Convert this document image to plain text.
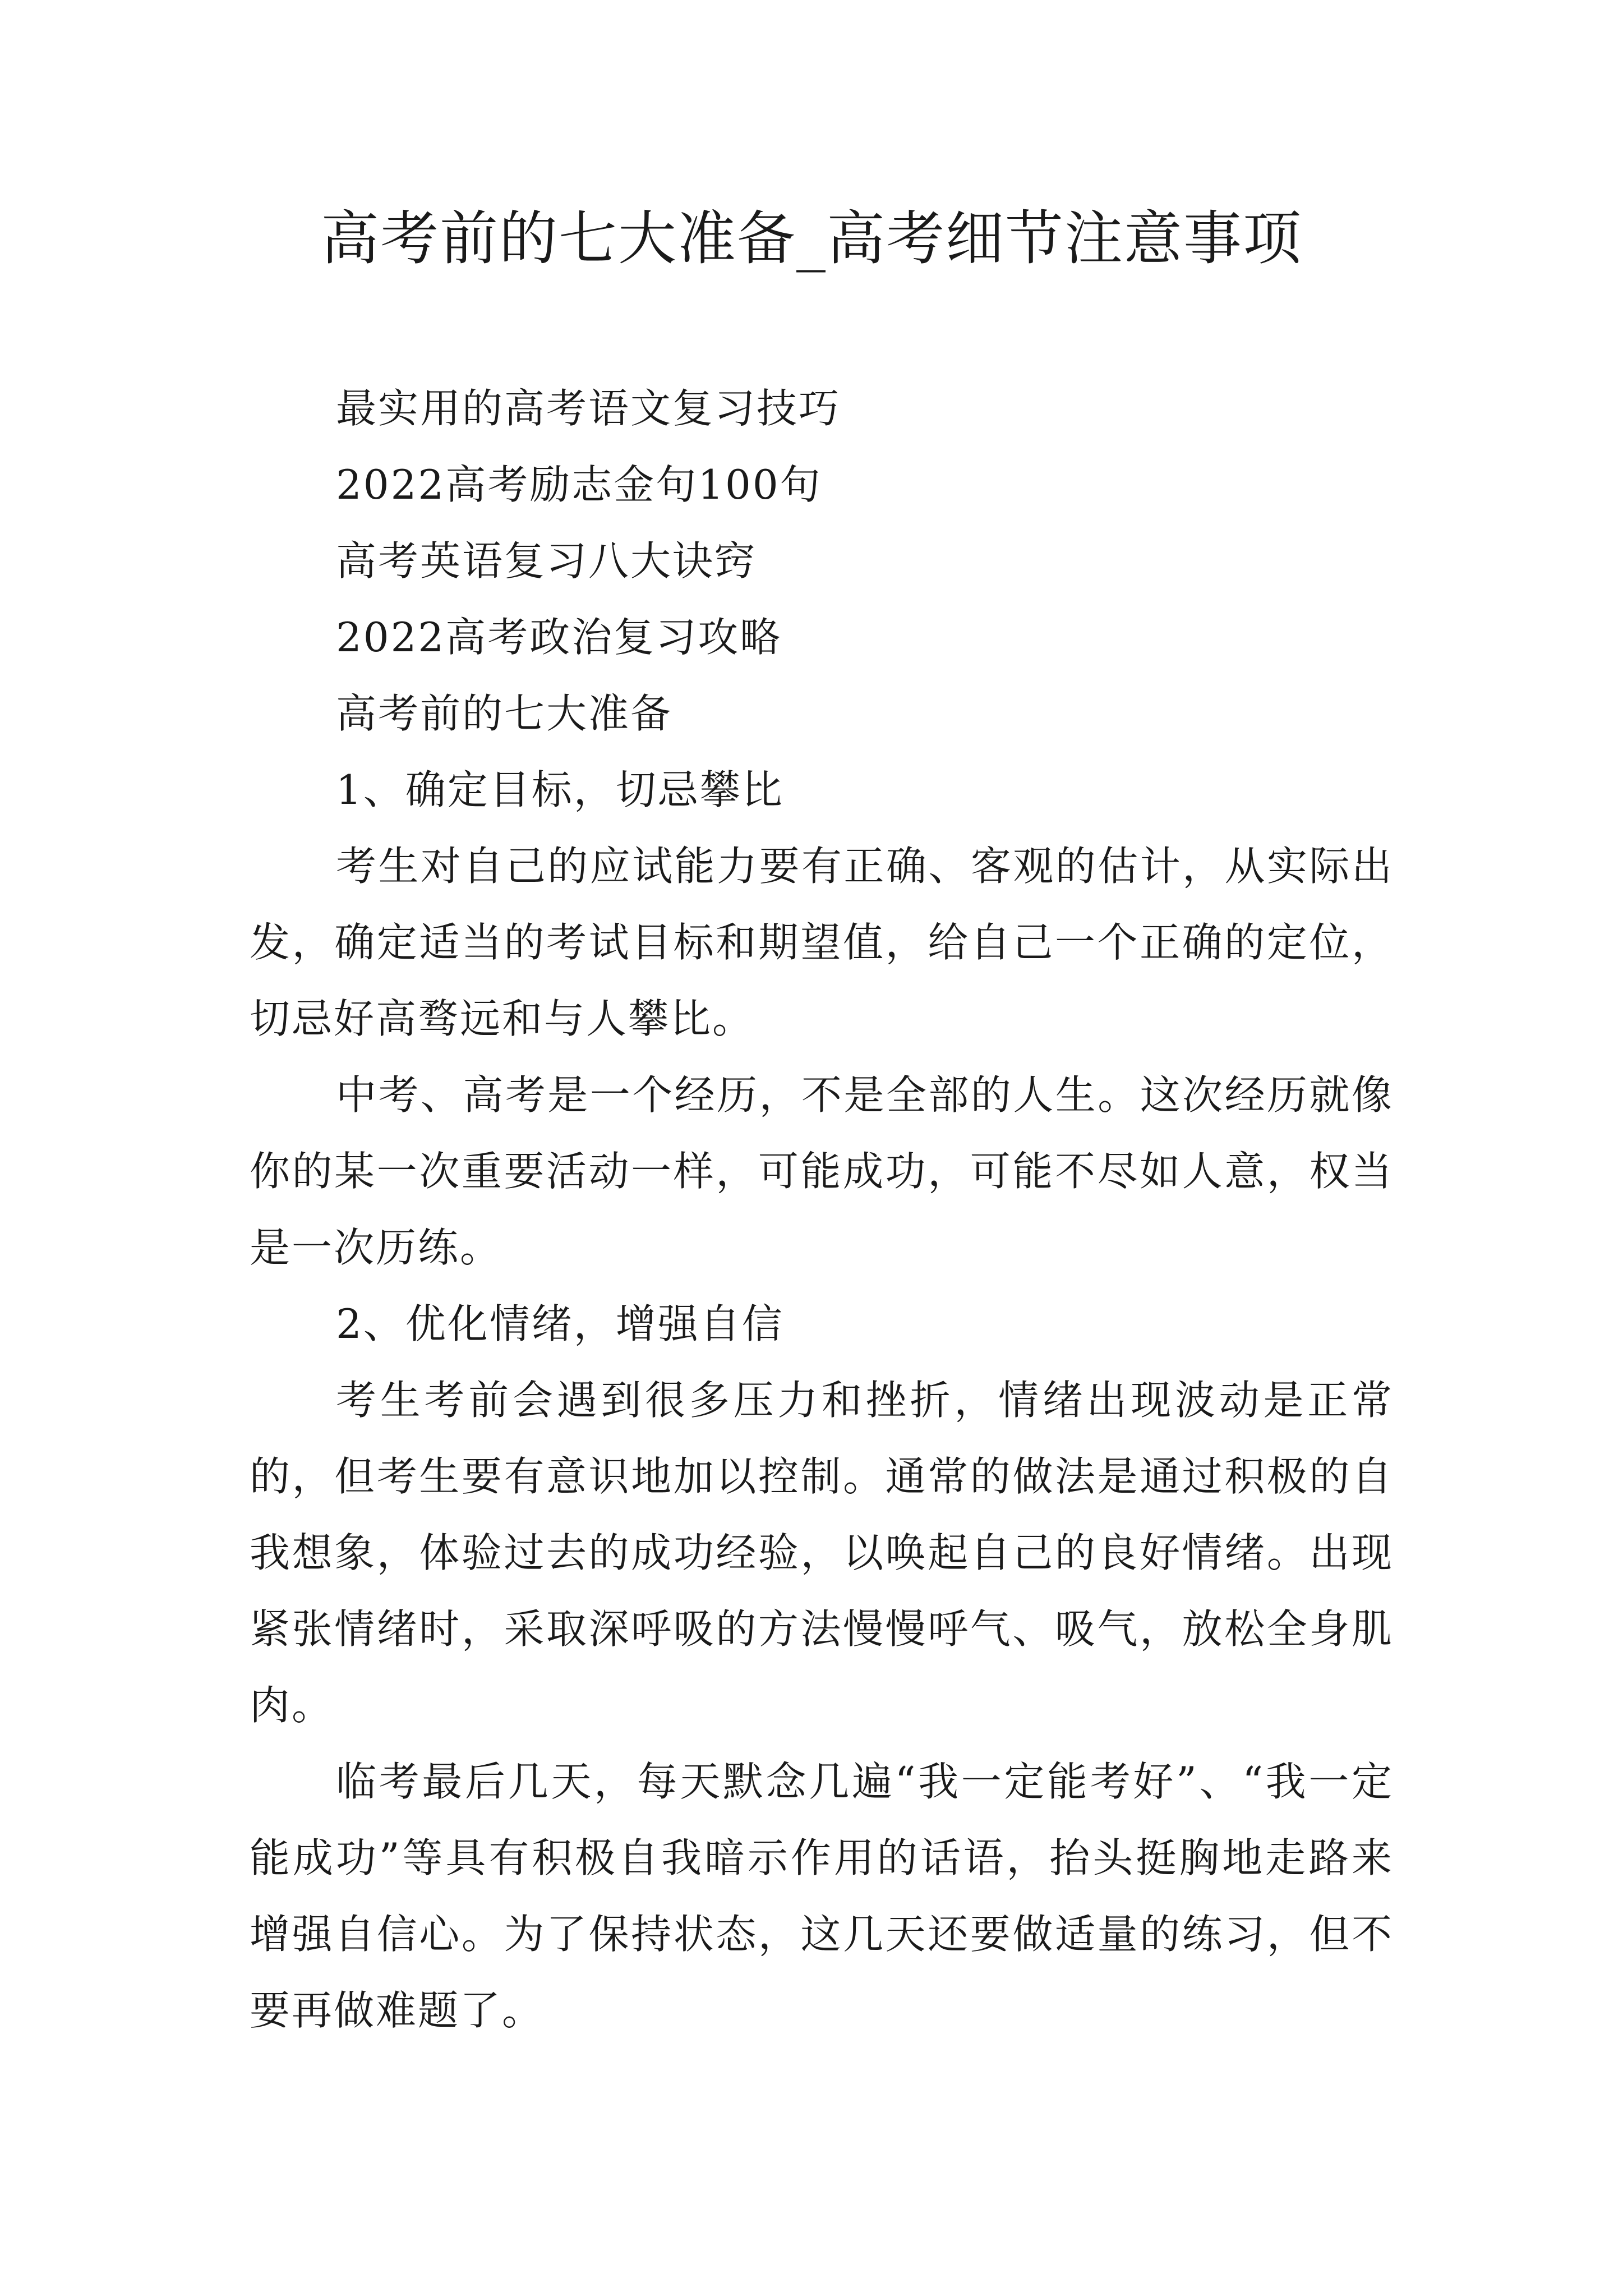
高考前的七大准备_高考细节注意事项

最实用的高考语文复习技巧

2022高考励志金句100句

高考英语复习八大诀窍

2022高考政治复习攻略

高考前的七大准备

1、确定目标，切忌攀比

考生对自己的应试能力要有正确、客观的估计，从实际出发，确定适当的考试目标和期望值，给自己一个正确的定位，切忌好高骛远和与人攀比。

中考、高考是一个经历，不是全部的人生。这次经历就像你的某一次重要活动一样，可能成功，可能不尽如人意，权当是一次历练。

2、优化情绪，增强自信

考生考前会遇到很多压力和挫折，情绪出现波动是正常的，但考生要有意识地加以控制。通常的做法是通过积极的自我想象，体验过去的成功经验，以唤起自己的良好情绪。出现紧张情绪时，采取深呼吸的方法慢慢呼气、吸气，放松全身肌肉。

临考最后几天，每天默念几遍“我一定能考好”、“我一定能成功”等具有积极自我暗示作用的话语，抬头挺胸地走路来增强自信心。为了保持状态，这几天还要做适量的练习，但不要再做难题了。
